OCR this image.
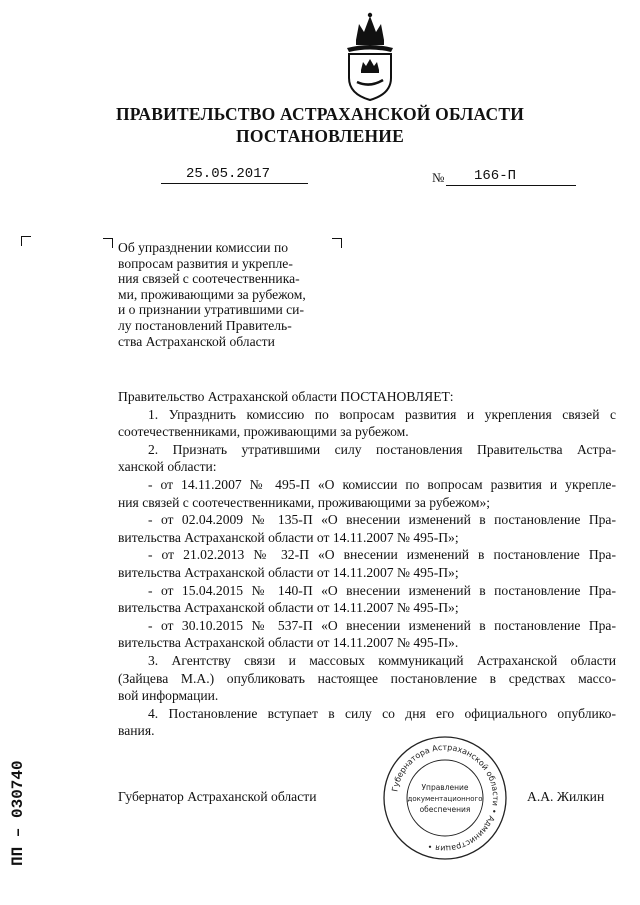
ПРАВИТЕЛЬСТВО АСТРАХАНСКОЙ ОБЛАСТИ
ПОСТАНОВЛЕНИЕ
25.05.2017	№ 166-П
Об упразднении комиссии по
вопросам развития и укрепле-
ния связей с соотечественника-
ми, проживающими за рубежом,
и о признании утратившими си-
лу постановлений Правитель-
ства Астраханской области
Правительство Астраханской области ПОСТАНОВЛЯЕТ:
1. Упразднить комиссию по вопросам развития и укрепления связей с
соотечественниками, проживающими за рубежом.
2. Признать утратившими силу постановления Правительства Астра-
ханской области:
- от 14.11.2007 № 495-П «О комиссии по вопросам развития и укрепле-
ния связей с соотечественниками, проживающими за рубежом»;
- от 02.04.2009 № 135-П «О внесении изменений в постановление Пра-
вительства Астраханской области от 14.11.2007 № 495-П»;
- от 21.02.2013 № 32-П «О внесении изменений в постановление Пра-
вительства Астраханской области от 14.11.2007 № 495-П»;
- от 15.04.2015 № 140-П «О внесении изменений в постановление Пра-
вительства Астраханской области от 14.11.2007 № 495-П»;
- от 30.10.2015 № 537-П «О внесении изменений в постановление Пра-
вительства Астраханской области от 14.11.2007 № 495-П».
3. Агентству связи и массовых коммуникаций Астраханской области
(Зайцева М.А.) опубликовать настоящее постановление в средствах массо-
вой информации.
4. Постановление вступает в силу со дня его официального опублико-
вания.
Губернатор Астраханской области	А.А. Жилкин
Губернатора Астраханской области • Администрация •
Управление
документационного
обеспечения
ПП – 030740
